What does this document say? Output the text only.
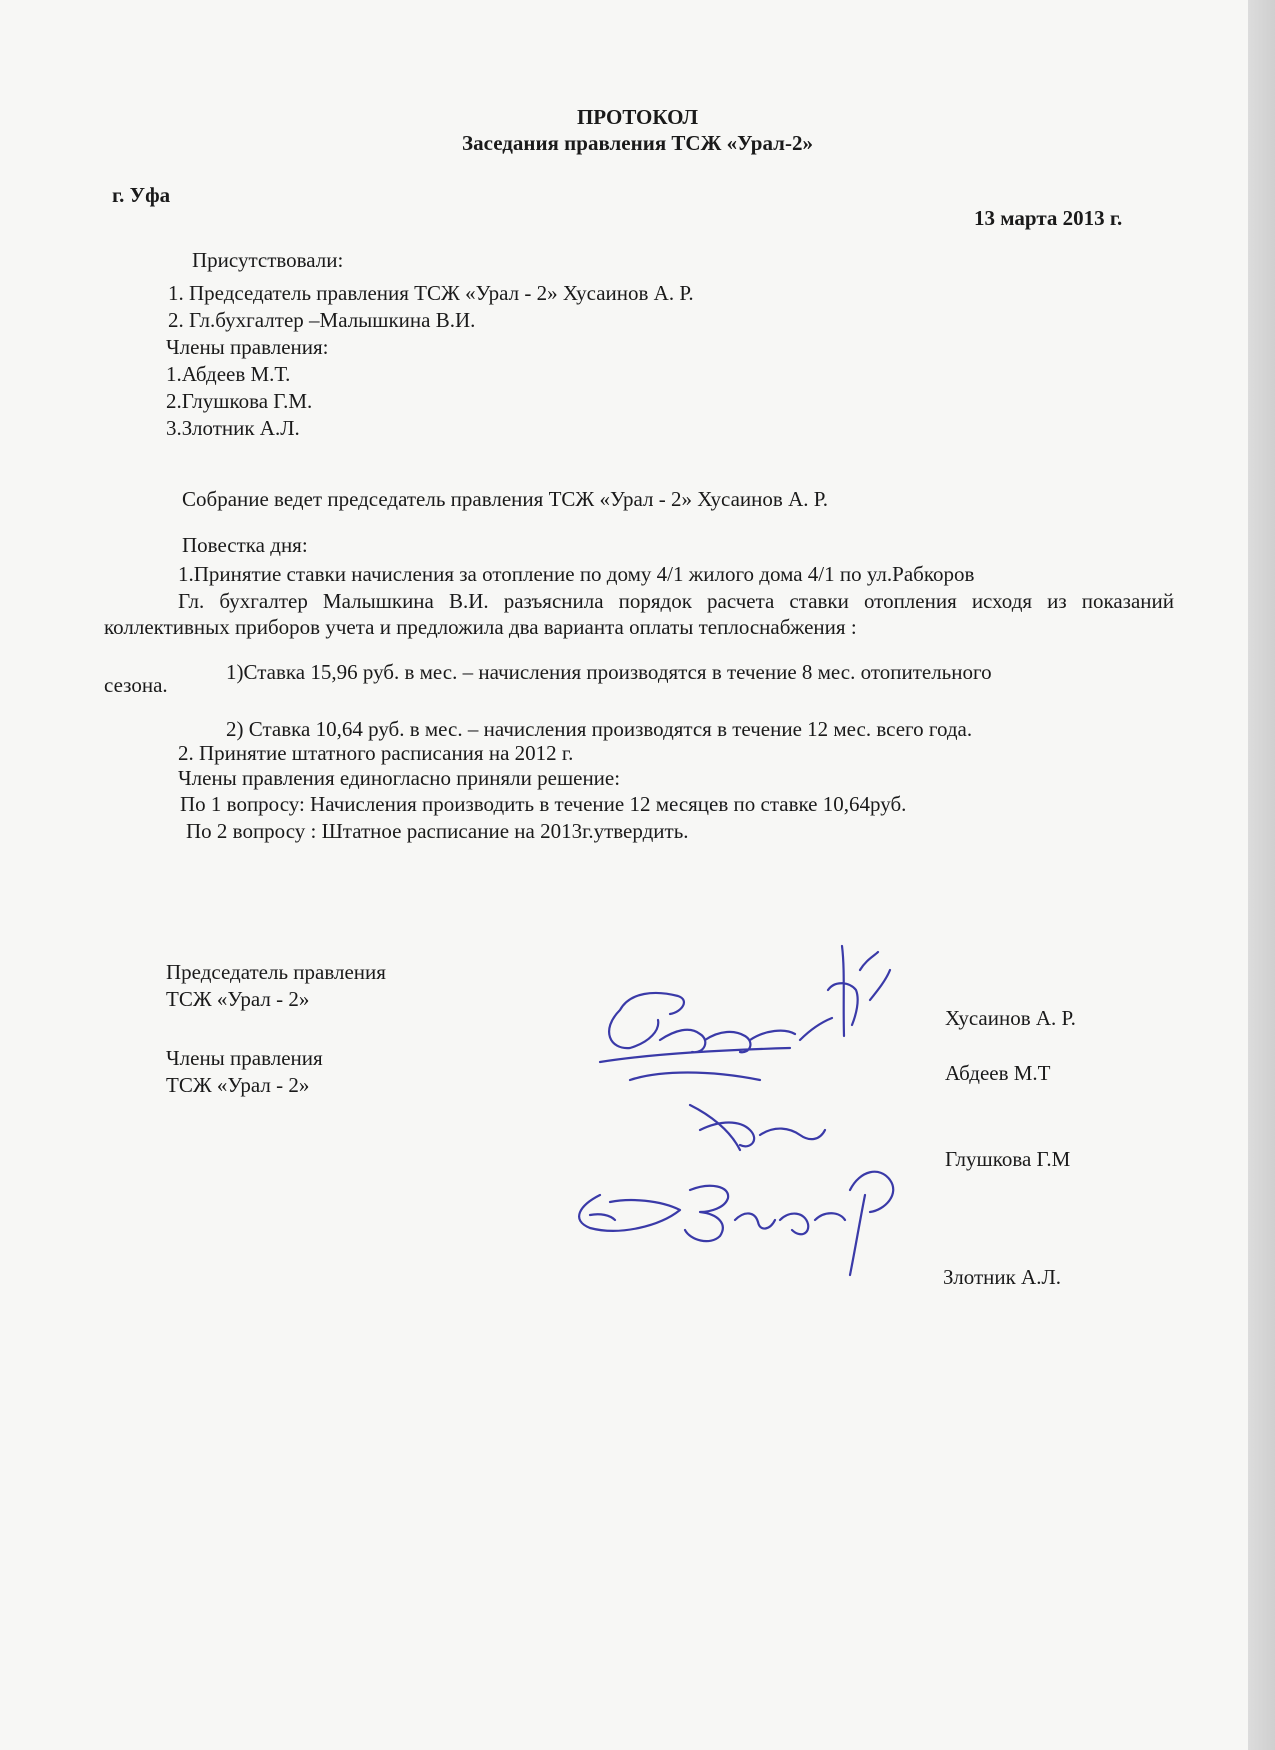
ПРОТОКОЛ
Заседания правления ТСЖ «Урал-2»
г. Уфа
13 марта 2013 г.
Присутствовали:
1. Председатель правления ТСЖ «Урал - 2» Хусаинов А. Р.
2. Гл.бухгалтер –Малышкина В.И.
Члены правления:
1.Абдеев М.Т.
2.Глушкова Г.М.
3.Злотник А.Л.
Собрание ведет председатель правления ТСЖ «Урал - 2» Хусаинов А. Р.
Повестка дня:
1.Принятие ставки начисления за отопление по дому 4/1 жилого дома 4/1 по ул.Рабкоров
Гл. бухгалтер Малышкина В.И. разъяснила порядок расчета ставки отопления исходя из показаний коллективных приборов учета и предложила два варианта оплаты теплоснабжения :
1)Ставка 15,96 руб. в мес. – начисления производятся в течение 8 мес. отопительного
сезона.
2) Ставка 10,64 руб. в мес. – начисления производятся в течение 12 мес. всего года.
2. Принятие штатного расписания на 2012 г.
Члены правления единогласно приняли решение:
По 1 вопросу: Начисления производить в течение 12 месяцев по ставке 10,64руб.
По 2 вопросу : Штатное расписание на 2013г.утвердить.
Председатель правления
ТСЖ «Урал - 2»
Члены правления
ТСЖ «Урал - 2»
Хусаинов А. Р.
Абдеев М.Т
Глушкова Г.М
Злотник А.Л.
